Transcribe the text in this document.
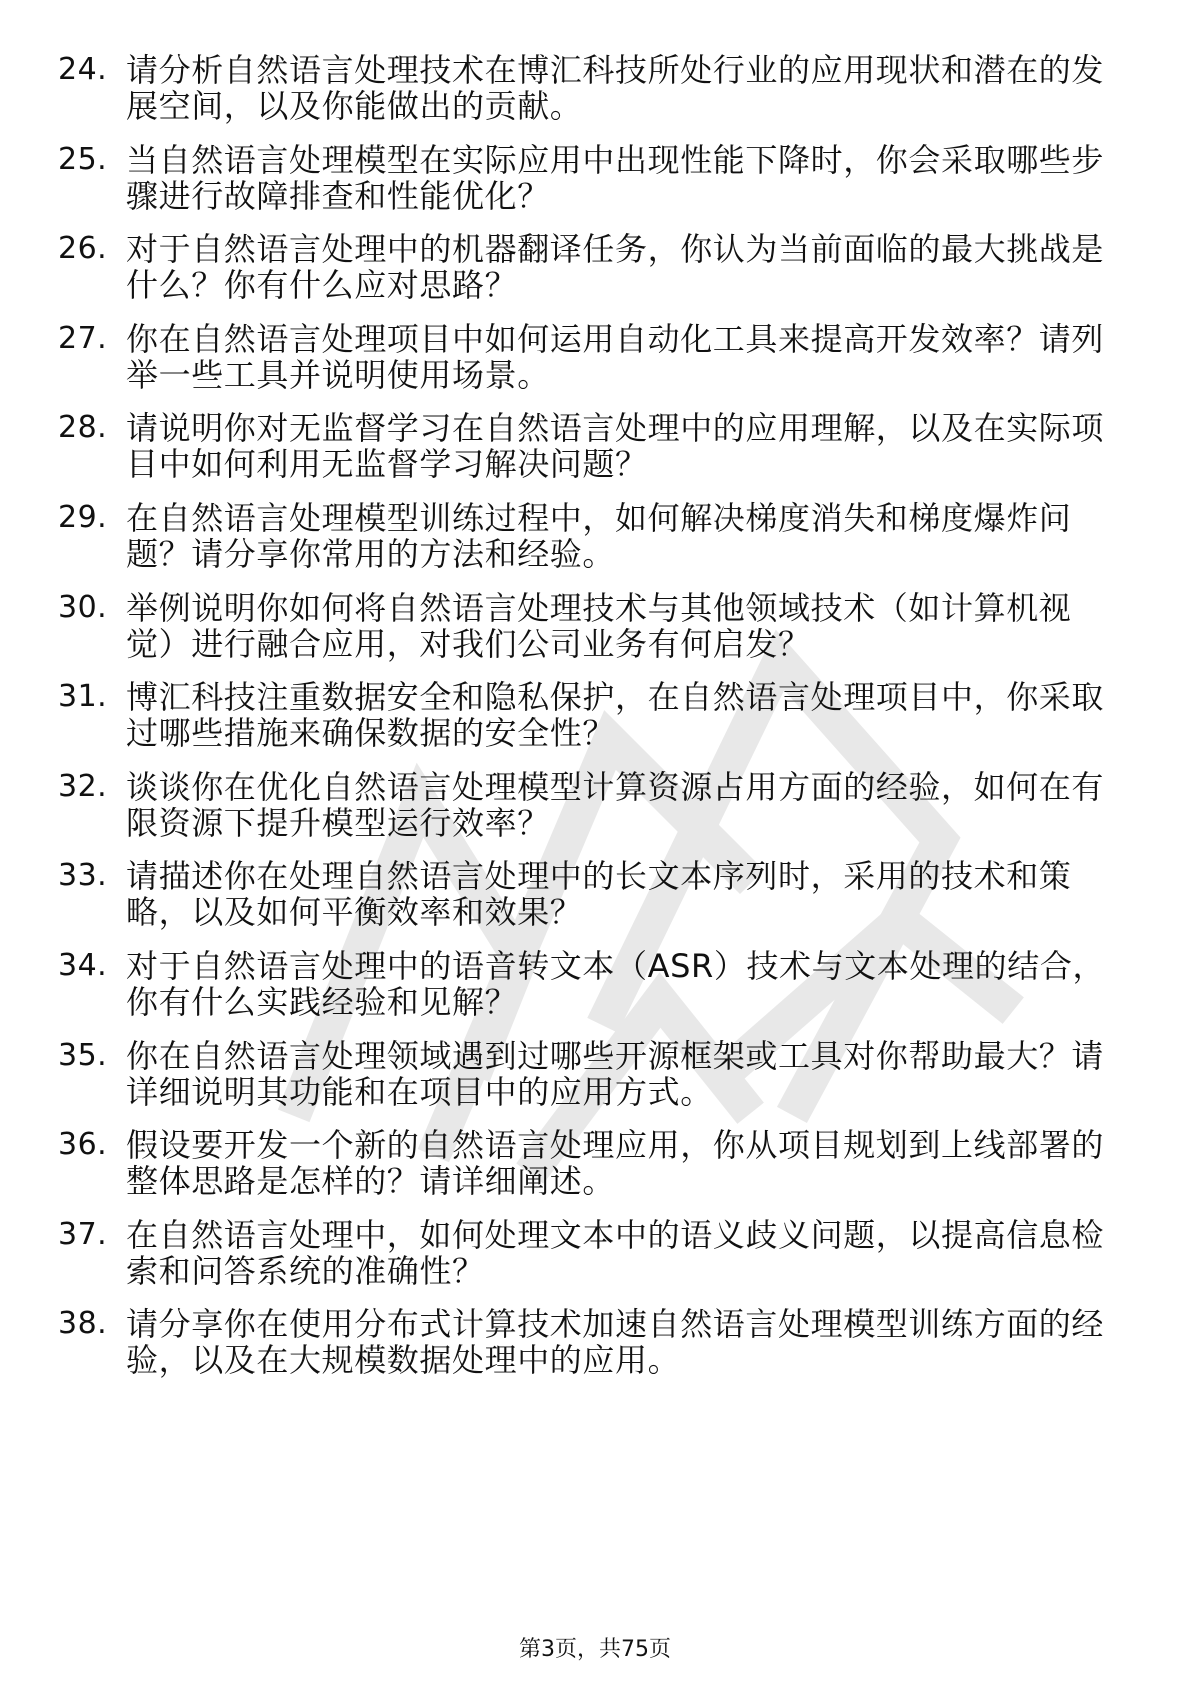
24. 请分析自然语言处理技术在博汇科技所处行业的应用现状和潜在的发展空间，以及你能做出的贡献。
25. 当自然语言处理模型在实际应用中出现性能下降时，你会采取哪些步骤进行故障排查和性能优化？
26. 对于自然语言处理中的机器翻译任务，你认为当前面临的最大挑战是什么？你有什么应对思路？
27. 你在自然语言处理项目中如何运用自动化工具来提高开发效率？请列举一些工具并说明使用场景。
28. 请说明你对无监督学习在自然语言处理中的应用理解，以及在实际项目中如何利用无监督学习解决问题？
29. 在自然语言处理模型训练过程中，如何解决梯度消失和梯度爆炸问题？请分享你常用的方法和经验。
30. 举例说明你如何将自然语言处理技术与其他领域技术（如计算机视觉）进行融合应用，对我们公司业务有何启发？
31. 博汇科技注重数据安全和隐私保护，在自然语言处理项目中，你采取过哪些措施来确保数据的安全性？
32. 谈谈你在优化自然语言处理模型计算资源占用方面的经验，如何在有限资源下提升模型运行效率？
33. 请描述你在处理自然语言处理中的长文本序列时，采用的技术和策略，以及如何平衡效率和效果？
34. 对于自然语言处理中的语音转文本（ASR）技术与文本处理的结合，你有什么实践经验和见解？
35. 你在自然语言处理领域遇到过哪些开源框架或工具对你帮助最大？请详细说明其功能和在项目中的应用方式。
36. 假设要开发一个新的自然语言处理应用，你从项目规划到上线部署的整体思路是怎样的？请详细阐述。
37. 在自然语言处理中，如何处理文本中的语义歧义问题，以提高信息检索和问答系统的准确性？
38. 请分享你在使用分布式计算技术加速自然语言处理模型训练方面的经验，以及在大规模数据处理中的应用。
第3页，共75页
